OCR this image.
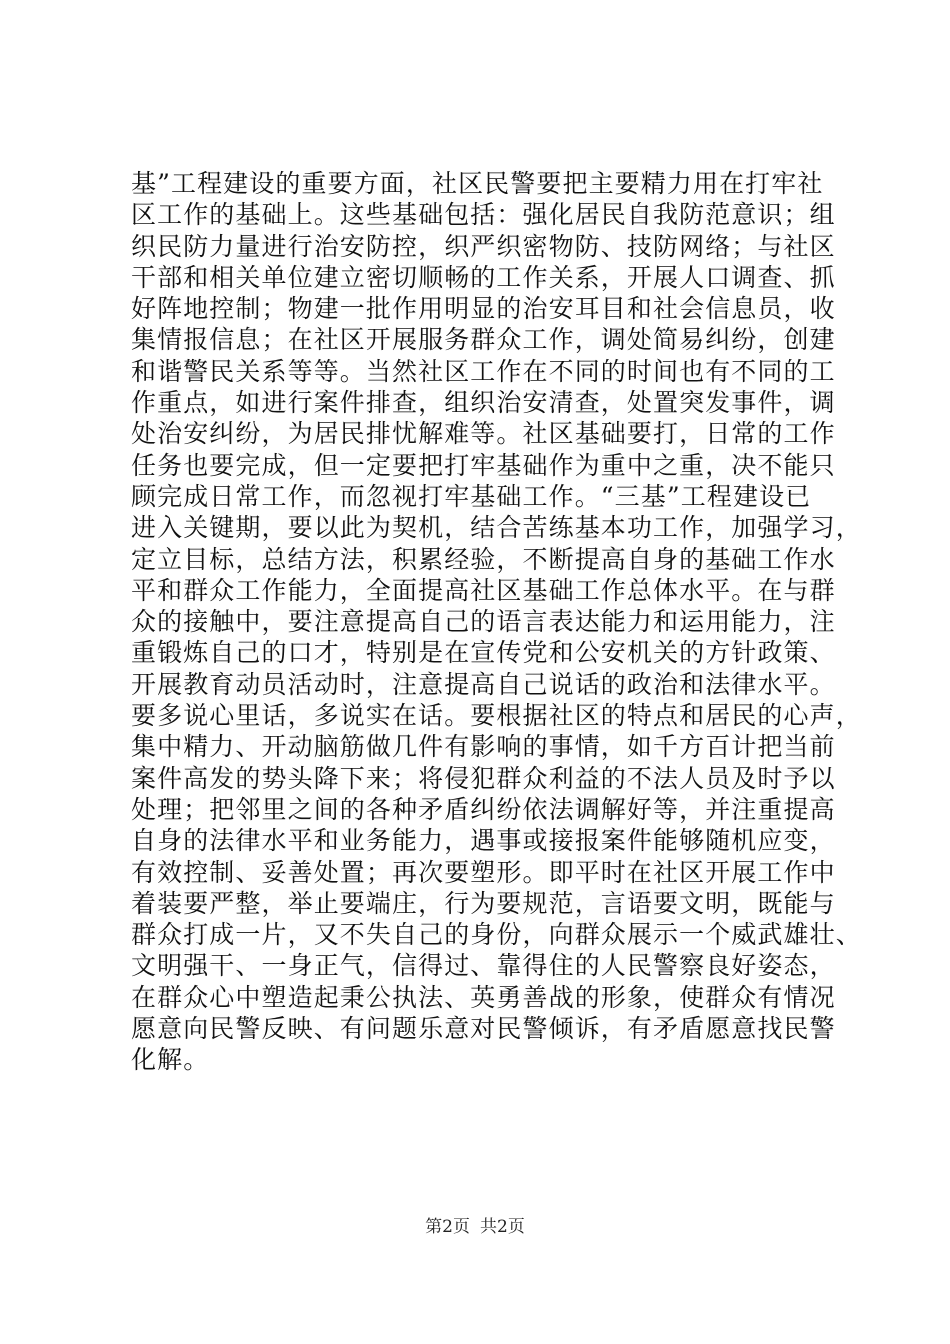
基”工程建设的重要方面，社区民警要把主要精力用在打牢社
区工作的基础上。这些基础包括：强化居民自我防范意识；组
织民防力量进行治安防控，织严织密物防、技防网络；与社区
干部和相关单位建立密切顺畅的工作关系，开展人口调查、抓
好阵地控制；物建一批作用明显的治安耳目和社会信息员，收
集情报信息；在社区开展服务群众工作，调处简易纠纷，创建
和谐警民关系等等。当然社区工作在不同的时间也有不同的工
作重点，如进行案件排查，组织治安清查，处置突发事件，调
处治安纠纷，为居民排忧解难等。社区基础要打，日常的工作
任务也要完成，但一定要把打牢基础作为重中之重，决不能只
顾完成日常工作，而忽视打牢基础工作。“三基”工程建设已
进入关键期，要以此为契机，结合苦练基本功工作，加强学习，
定立目标，总结方法，积累经验，不断提高自身的基础工作水
平和群众工作能力，全面提高社区基础工作总体水平。在与群
众的接触中，要注意提高自己的语言表达能力和运用能力，注
重锻炼自己的口才，特别是在宣传党和公安机关的方针政策、
开展教育动员活动时，注意提高自己说话的政治和法律水平。
要多说心里话，多说实在话。要根据社区的特点和居民的心声，
集中精力、开动脑筋做几件有影响的事情，如千方百计把当前
案件高发的势头降下来；将侵犯群众利益的不法人员及时予以
处理；把邻里之间的各种矛盾纠纷依法调解好等，并注重提高
自身的法律水平和业务能力，遇事或接报案件能够随机应变，
有效控制、妥善处置；再次要塑形。即平时在社区开展工作中
着装要严整，举止要端庄，行为要规范，言语要文明，既能与
群众打成一片，又不失自己的身份，向群众展示一个威武雄壮、
文明强干、一身正气，信得过、靠得住的人民警察良好姿态，
在群众心中塑造起秉公执法、英勇善战的形象，使群众有情况
愿意向民警反映、有问题乐意对民警倾诉，有矛盾愿意找民警
化解。
第2页 共2页
